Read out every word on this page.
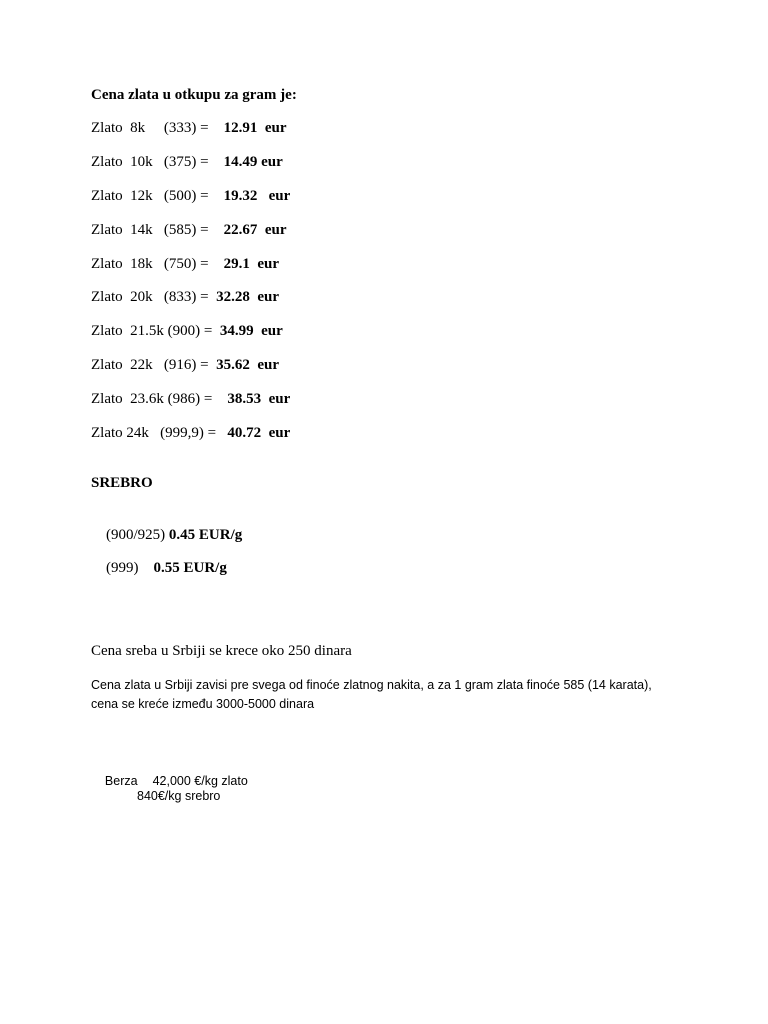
Cena zlata u otkupu za gram je:
Zlato  8k     (333) =    12.91  eur
Zlato  10k   (375) =    14.49 eur
Zlato  12k   (500) =    19.32   eur
Zlato  14k   (585) =    22.67  eur
Zlato  18k   (750) =    29.1  eur
Zlato  20k   (833) =  32.28  eur
Zlato  21.5k (900) =  34.99  eur
Zlato  22k   (916) =  35.62  eur
Zlato  23.6k (986) =    38.53  eur
Zlato 24k   (999,9) =   40.72  eur
SREBRO

(900/925) 0.45 EUR/g

(999)    0.55 EUR/g

Cena sreba u Srbiji se krece oko 250 dinara
Cena zlata u Srbiji zavisi pre svega od finoće zlatnog nakita, a za 1 gram zlata finoće 585 (14 karata),
cena se kreće između 3000-5000 dinara

Berza 42,000 €/kg zlato

840€/kg srebro
